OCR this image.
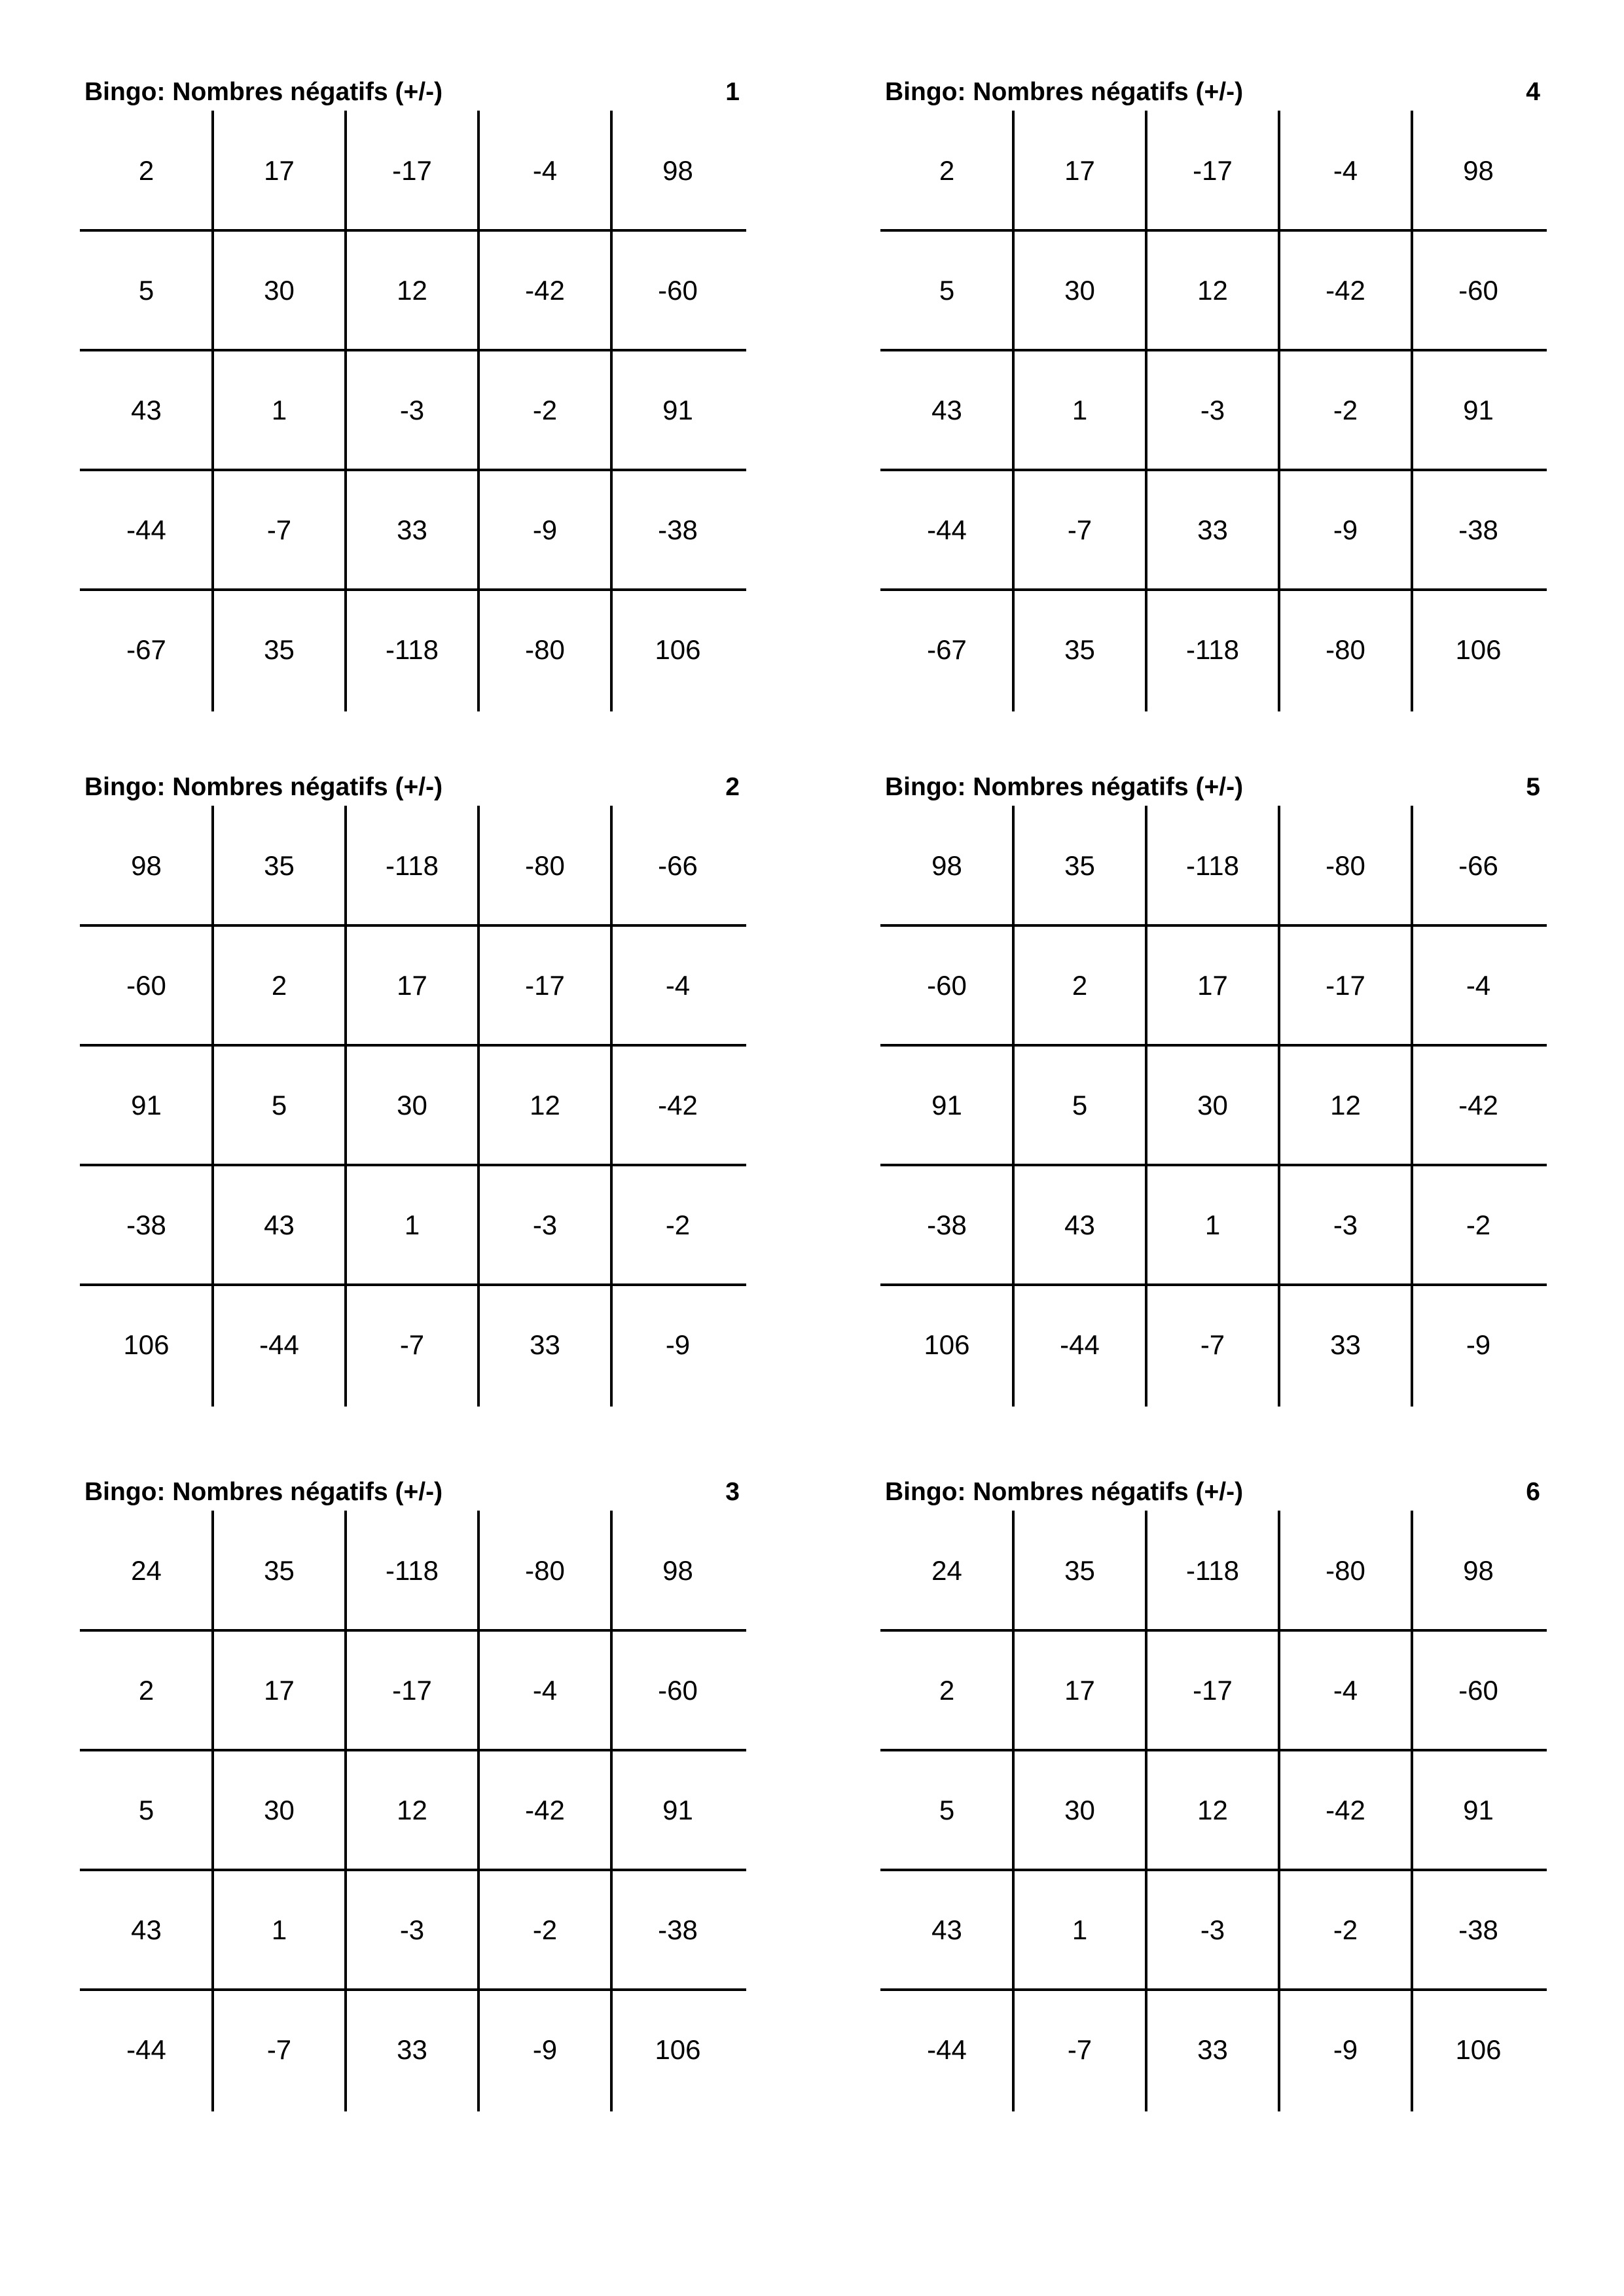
Bingo: Nombres négatifs (+/-)	1
2	17	-17	-4	98
5	30	12	-42	-60
43	1	-3	-2	91
-44	-7	33	-9	-38
-67	35	-118	-80	106
Bingo: Nombres négatifs (+/-)	4
2	17	-17	-4	98
5	30	12	-42	-60
43	1	-3	-2	91
-44	-7	33	-9	-38
-67	35	-118	-80	106
Bingo: Nombres négatifs (+/-)	2
98	35	-118	-80	-66
-60	2	17	-17	-4
91	5	30	12	-42
-38	43	1	-3	-2
106	-44	-7	33	-9
Bingo: Nombres négatifs (+/-)	5
98	35	-118	-80	-66
-60	2	17	-17	-4
91	5	30	12	-42
-38	43	1	-3	-2
106	-44	-7	33	-9
Bingo: Nombres négatifs (+/-)	3
24	35	-118	-80	98
2	17	-17	-4	-60
5	30	12	-42	91
43	1	-3	-2	-38
-44	-7	33	-9	106
Bingo: Nombres négatifs (+/-)	6
24	35	-118	-80	98
2	17	-17	-4	-60
5	30	12	-42	91
43	1	-3	-2	-38
-44	-7	33	-9	106
